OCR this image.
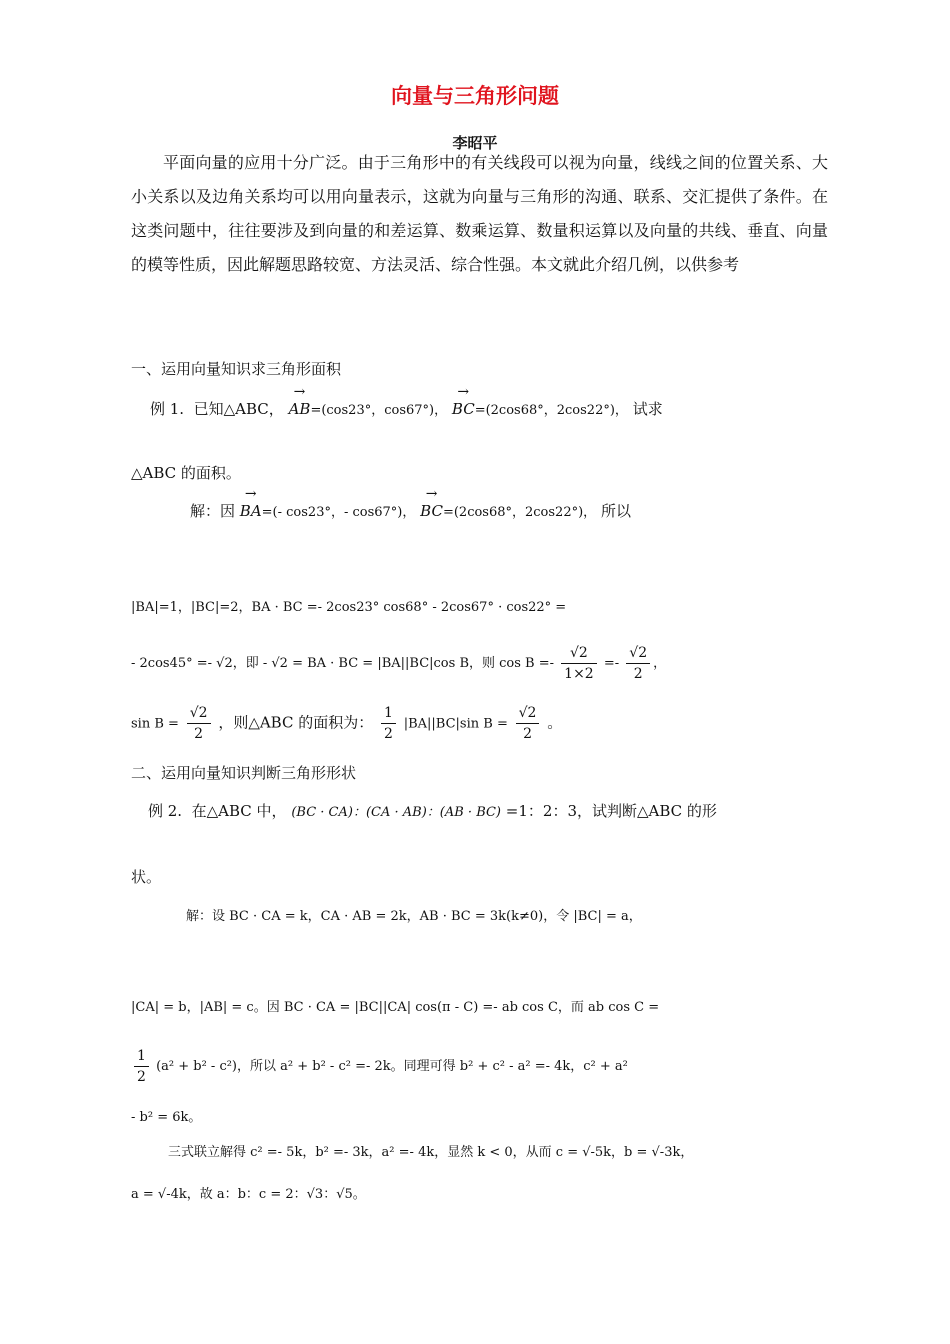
向量与三角形问题
李昭平
平面向量的应用十分广泛。由于三角形中的有关线段可以视为向量，线线之间的位置关系、大小关系以及边角关系均可以用向量表示，这就为向量与三角形的沟通、联系、交汇提供了条件。在这类问题中，往往要涉及到向量的和差运算、数乘运算、数量积运算以及向量的共线、垂直、向量的模等性质，因此解题思路较宽、方法灵活、综合性强。本文就此介绍几例，以供参考
一、运用向量知识求三角形面积
例 1. 已知△ABC， → AB=(cos23°，cos67°)， → BC=(2cos68°，2cos22°)， 试求
△ABC 的面积。
解：因 → BA=(- cos23°，- cos67°)， → BC=(2cos68°，2cos22°)， 所以
|BA|=1，|BC|=2，BA · BC =- 2cos23° cos68° - 2cos67° · cos22° =
- 2cos45° =- √2，即 - √2 = BA · BC = |BA||BC|cos B，则 $\cos B =- \frac{√2}{1\times 2} =- \frac{√2}{2}$ ，
$\sin B = \frac{√2}{2}$ ，则△ABC 的面积为： $\frac{1}{2} |BA||BC|\sin$ $B = \frac{√2}{2}$ 。
二、运用向量知识判断三角形形状
例 2. 在△ABC 中， (BC · CA)：(CA · AB)：(AB · BC) =1：2：3，试判断△ABC 的形
状。
解：设 BC · CA = k，CA · AB = 2k，AB · BC = 3k(k≠0)，令 |BC| = a，
|CA| = b，|AB| = c。因 BC · CA = |BC||CA| cos(π - C) =- ab cos C，而 ab cos C =
$\frac{1}{2} (a^2 + b^2 - c^2)$，所以 a² + b² - c² =- 2k。同理可得 b² + c² - a² =- 4k，c² + a²
- b² = 6k。
三式联立解得 c² =- 5k，b² =- 3k，a² =- 4k，显然 k < 0，从而 c = √-5k，b = √-3k，
a = √-4k，故 a：b：c = 2：√3：√5。
